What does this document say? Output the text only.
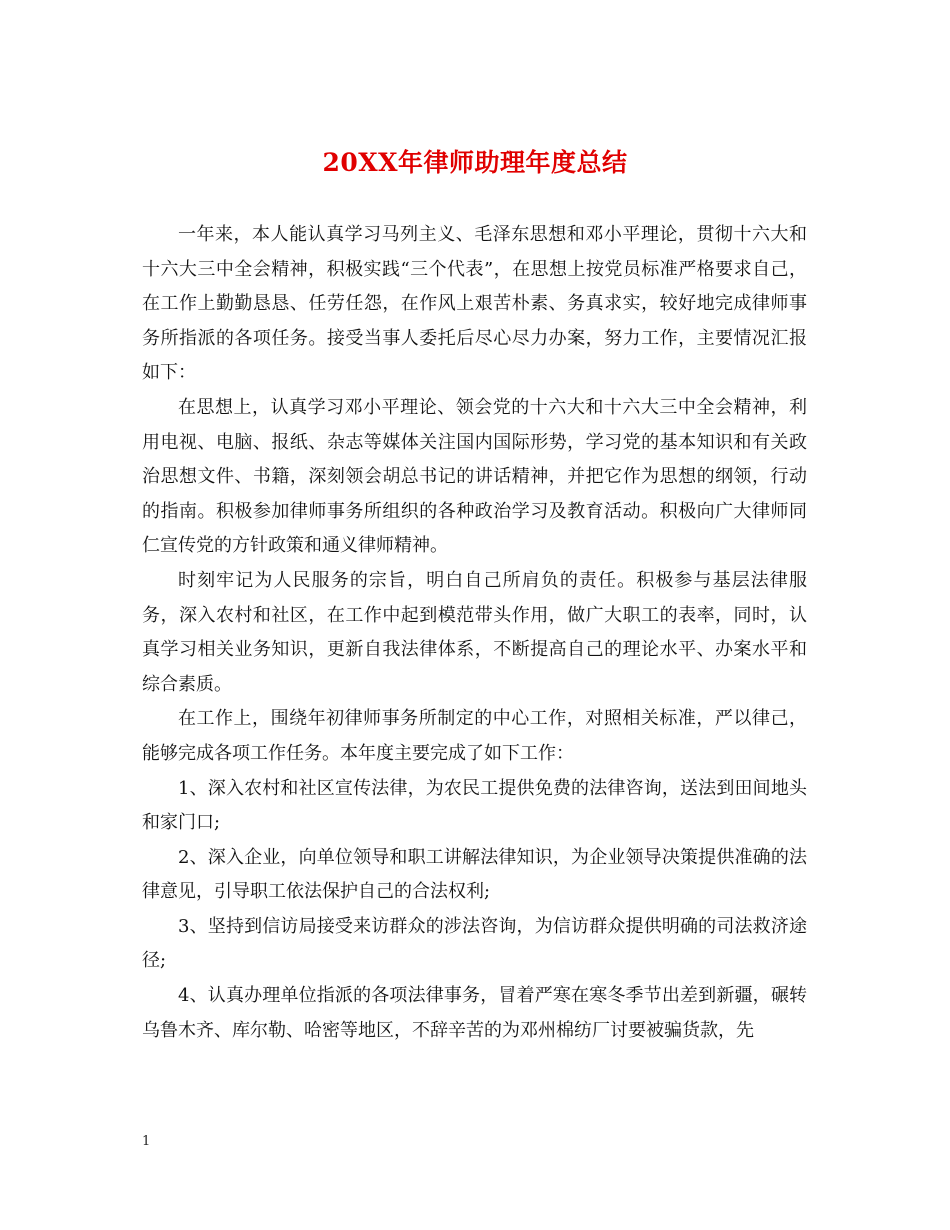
20XX年律师助理年度总结

一年来，本人能认真学习马列主义、毛泽东思想和邓小平理论，贯彻十六大和十六大三中全会精神，积极实践“三个代表”，在思想上按党员标准严格要求自己，在工作上勤勤恳恳、任劳任怨，在作风上艰苦朴素、务真求实，较好地完成律师事务所指派的各项任务。接受当事人委托后尽心尽力办案，努力工作，主要情况汇报如下：

在思想上，认真学习邓小平理论、领会党的十六大和十六大三中全会精神，利用电视、电脑、报纸、杂志等媒体关注国内国际形势，学习党的基本知识和有关政治思想文件、书籍，深刻领会胡总书记的讲话精神，并把它作为思想的纲领，行动的指南。积极参加律师事务所组织的各种政治学习及教育活动。积极向广大律师同仁宣传党的方针政策和通义律师精神。

时刻牢记为人民服务的宗旨，明白自己所肩负的责任。积极参与基层法律服务，深入农村和社区，在工作中起到模范带头作用，做广大职工的表率，同时，认真学习相关业务知识，更新自我法律体系，不断提高自己的理论水平、办案水平和综合素质。

在工作上，围绕年初律师事务所制定的中心工作，对照相关标准，严以律己，能够完成各项工作任务。本年度主要完成了如下工作：

1、深入农村和社区宣传法律，为农民工提供免费的法律咨询，送法到田间地头和家门口;

2、深入企业，向单位领导和职工讲解法律知识，为企业领导决策提供准确的法律意见，引导职工依法保护自己的合法权利;

3、坚持到信访局接受来访群众的涉法咨询，为信访群众提供明确的司法救济途径;

4、认真办理单位指派的各项法律事务，冒着严寒在寒冬季节出差到新疆，碾转乌鲁木齐、库尔勒、哈密等地区，不辞辛苦的为邓州棉纺厂讨要被骗货款，先

1
